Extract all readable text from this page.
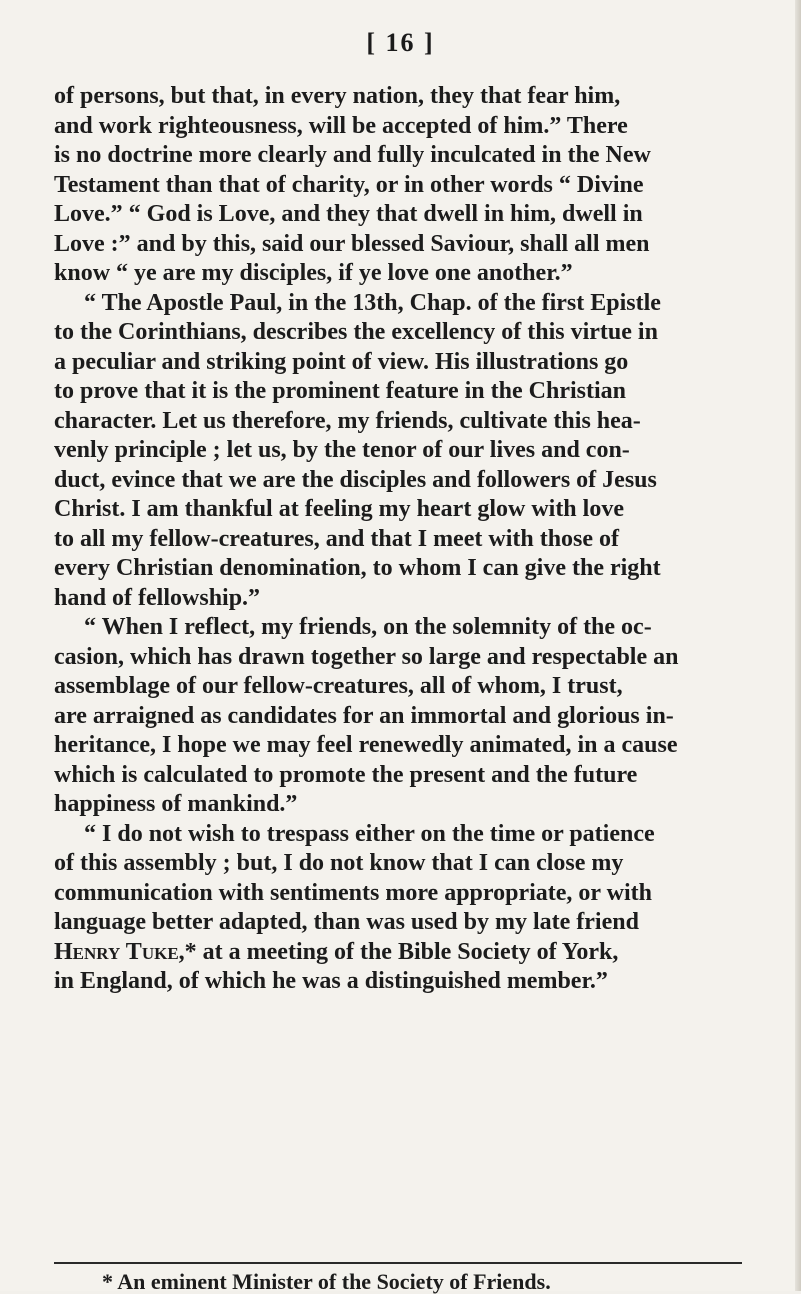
[ 16 ]
of persons, but that, in every nation, they that fear him,
and work righteousness, will be accepted of him.” There
is no doctrine more clearly and fully inculcated in the New
Testament than that of charity, or in other words “ Divine
Love.” “ God is Love, and they that dwell in him, dwell in
Love :” and by this, said our blessed Saviour, shall all men
know “ ye are my disciples, if ye love one another.”
“ The Apostle Paul, in the 13th, Chap. of the first Epistle
to the Corinthians, describes the excellency of this virtue in
a peculiar and striking point of view. His illustrations go
to prove that it is the prominent feature in the Christian
character. Let us therefore, my friends, cultivate this hea-
venly principle ; let us, by the tenor of our lives and con-
duct, evince that we are the disciples and followers of Jesus
Christ. I am thankful at feeling my heart glow with love
to all my fellow-creatures, and that I meet with those of
every Christian denomination, to whom I can give the right
hand of fellowship.”
“ When I reflect, my friends, on the solemnity of the oc-
casion, which has drawn together so large and respectable an
assemblage of our fellow-creatures, all of whom, I trust,
are arraigned as candidates for an immortal and glorious in-
heritance, I hope we may feel renewedly animated, in a cause
which is calculated to promote the present and the future
happiness of mankind.”
“ I do not wish to trespass either on the time or patience
of this assembly ; but, I do not know that I can close my
communication with sentiments more appropriate, or with
language better adapted, than was used by my late friend
Henry Tuke,* at a meeting of the Bible Society of York,
in England, of which he was a distinguished member.”
* An eminent Minister of the Society of Friends.
